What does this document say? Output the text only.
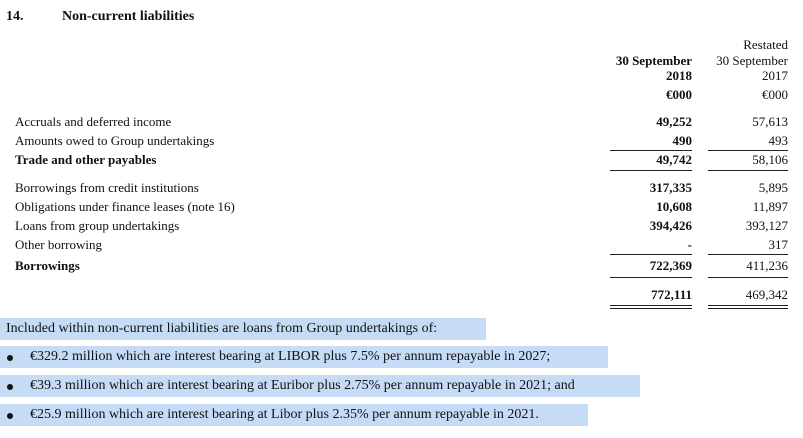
14.	Non-current liabilities
Restated
30 September	30 September
2018	2017
€000	€000
Accruals and deferred income	49,252	57,613
Amounts owed to Group undertakings	490	493
Trade and other payables	49,742	58,106
Borrowings from credit institutions	317,335	5,895
Obligations under finance leases (note 16)	10,608	11,897
Loans from group undertakings	394,426	393,127
Other borrowing	-	317
Borrowings	722,369	411,236
772,111	469,342
Included within non-current liabilities are loans from Group undertakings of:
€329.2 million which are interest bearing at LIBOR plus 7.5% per annum repayable in 2027;
€39.3 million which are interest bearing at Euribor plus 2.75% per annum repayable in 2021; and
€25.9 million which are interest bearing at Libor plus 2.35% per annum repayable in 2021.
